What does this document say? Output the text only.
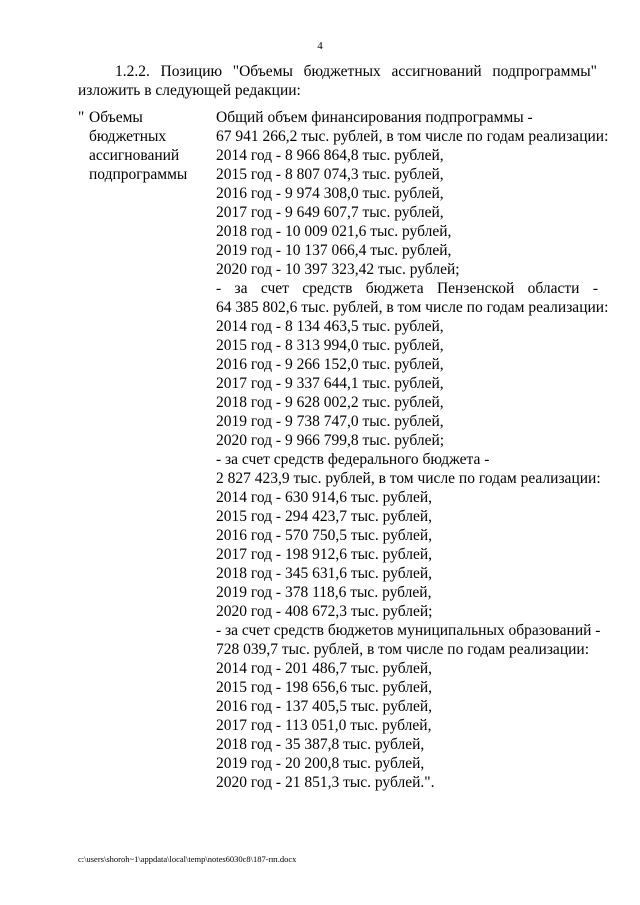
4

1.2.2. Позицию "Объемы бюджетных ассигнований подпрограммы"

изложить в следующей редакции:

" Объемы
бюджетных
ассигнований
подпрограммы
Общий объем финансирования подпрограммы -
67 941 266,2 тыс. рублей, в том числе по годам реализации:
2014 год - 8 966 864,8 тыс. рублей,
2015 год - 8 807 074,3 тыс. рублей,
2016 год - 9 974 308,0 тыс. рублей,
2017 год - 9 649 607,7 тыс. рублей,
2018 год - 10 009 021,6 тыс. рублей,
2019 год - 10 137 066,4 тыс. рублей,
2020 год - 10 397 323,42 тыс. рублей;
- за счет средств бюджета Пензенской области -
64 385 802,6 тыс. рублей, в том числе по годам реализации:
2014 год - 8 134 463,5 тыс. рублей,
2015 год - 8 313 994,0 тыс. рублей,
2016 год - 9 266 152,0 тыс. рублей,
2017 год - 9 337 644,1 тыс. рублей,
2018 год - 9 628 002,2 тыс. рублей,
2019 год - 9 738 747,0 тыс. рублей,
2020 год - 9 966 799,8 тыс. рублей;
- за счет средств федерального бюджета -
2 827 423,9 тыс. рублей, в том числе по годам реализации:
2014 год - 630 914,6 тыс. рублей,
2015 год - 294 423,7 тыс. рублей,
2016 год - 570 750,5 тыс. рублей,
2017 год - 198 912,6 тыс. рублей,
2018 год - 345 631,6 тыс. рублей,
2019 год - 378 118,6 тыс. рублей,
2020 год - 408 672,3 тыс. рублей;
- за счет средств бюджетов муниципальных образований -
728 039,7 тыс. рублей, в том числе по годам реализации:
2014 год - 201 486,7 тыс. рублей,
2015 год - 198 656,6 тыс. рублей,
2016 год - 137 405,5 тыс. рублей,
2017 год - 113 051,0 тыс. рублей,
2018 год - 35 387,8 тыс. рублей,
2019 год - 20 200,8 тыс. рублей,
2020 год - 21 851,3 тыс. рублей.".
c:\users\shoroh~1\appdata\local\temp\notes6030c8\187-пп.docx
